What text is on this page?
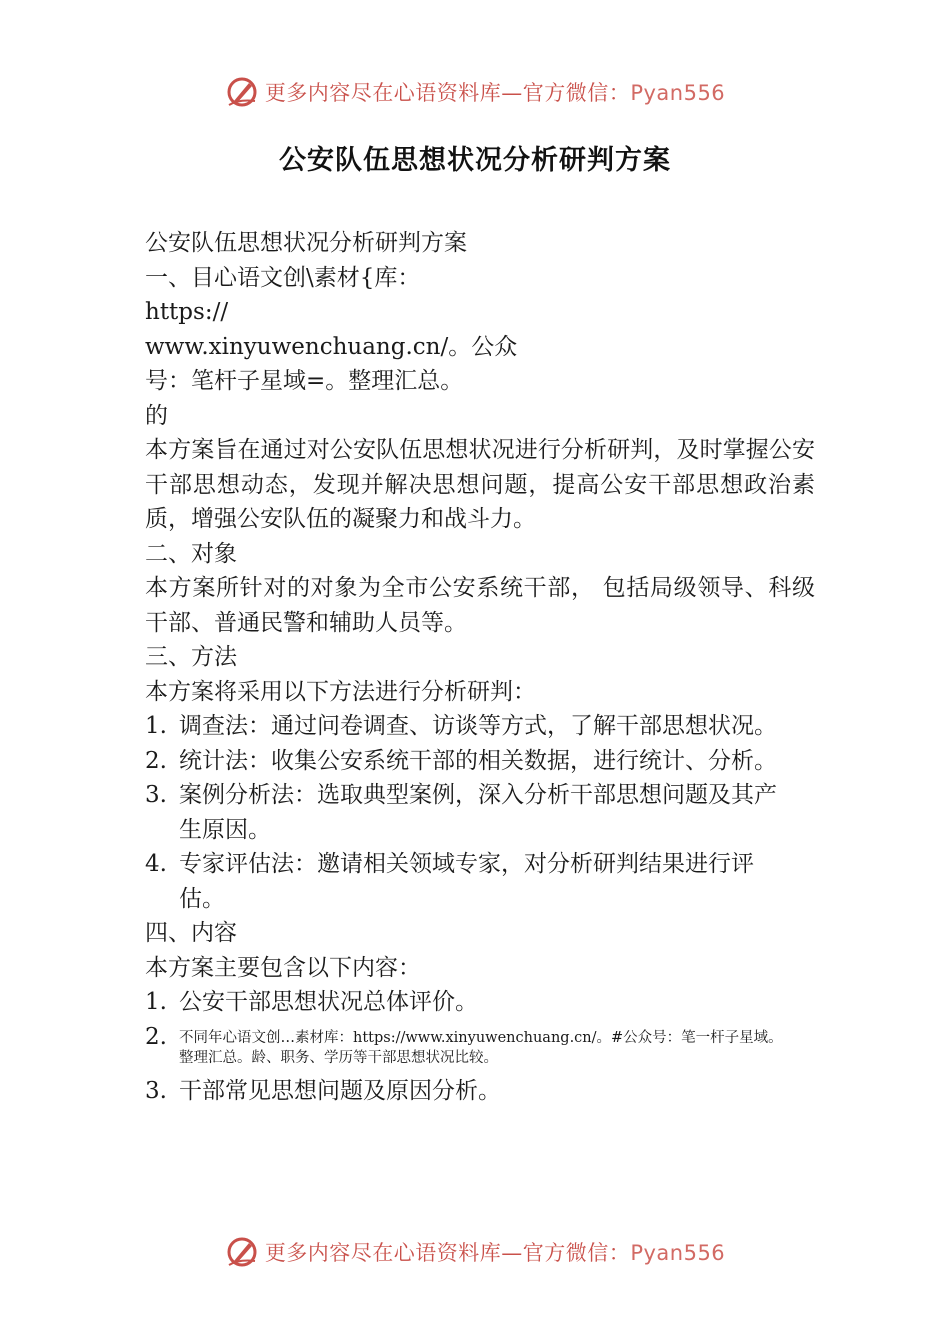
更多内容尽在心语资料库—官方微信：Pyan556
公安队伍思想状况分析研判方案
公安队伍思想状况分析研判方案
一、目心语文创\素材{库：
https://
www.xinyuwenchuang.cn/。公众
号：笔杆子星域=。整理汇总。
的
本方案旨在通过对公安队伍思想状况进行分析研判，及时掌握公安干部思想动态，发现并解决思想问题，提高公安干部思想政治素质，增强公安队伍的凝聚力和战斗力。
二、对象
本方案所针对的对象为全市公安系统干部， 包括局级领导、科级干部、普通民警和辅助人员等。
三、方法
本方案将采用以下方法进行分析研判：
1. 调查法：通过问卷调查、访谈等方式，了解干部思想状况。
2. 统计法：收集公安系统干部的相关数据，进行统计、分析。
3. 案例分析法：选取典型案例，深入分析干部思想问题及其产生原因。
4. 专家评估法：邀请相关领域专家，对分析研判结果进行评估。
四、内容
本方案主要包含以下内容：
1. 公安干部思想状况总体评价。
2. 不同年心语文创…素材库：https://www.xinyuwenchuang.cn/。#公众号：笔一杆子星域。整理汇总。龄、职务、学历等干部思想状况比较。
3. 干部常见思想问题及原因分析。
更多内容尽在心语资料库—官方微信：Pyan556
